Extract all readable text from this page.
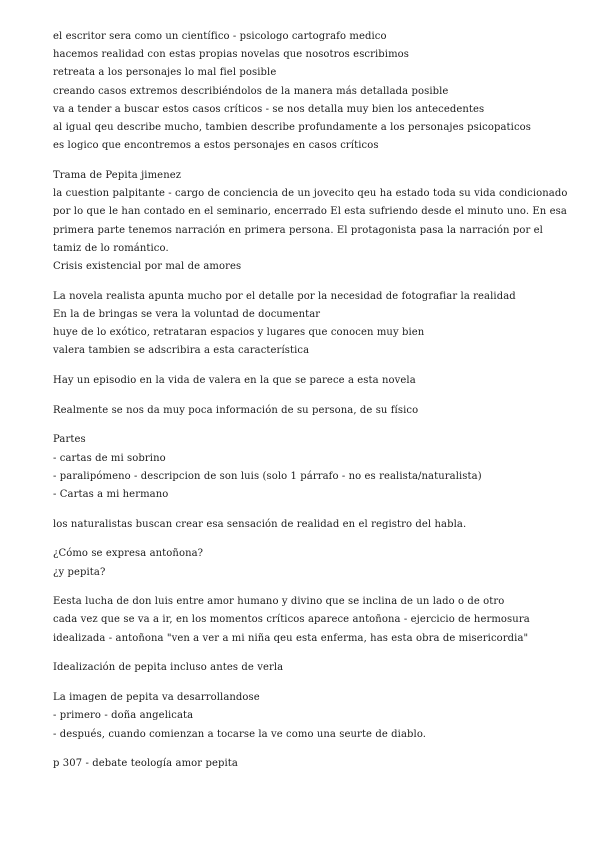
el escritor sera como un científico - psicologo cartografo medico
hacemos realidad con estas propias novelas que nosotros escribimos
retreata a los personajes lo mal fiel posible
creando casos extremos describiéndolos de la manera más detallada posible
va a tender a buscar estos casos críticos - se nos detalla muy bien los antecedentes
al igual qeu describe mucho, tambien describe profundamente a los personajes psicopaticos
es logico que encontremos a estos personajes en casos críticos
Trama de Pepita jimenez
la cuestion palpitante - cargo de conciencia de un jovecito qeu ha estado toda su vida condicionado
por lo que le han contado en el seminario, encerrado El esta sufriendo desde el minuto uno. En esa
primera parte tenemos narración en primera persona. El protagonista pasa la narración por el
tamiz de lo romántico.
Crisis existencial por mal de amores
La novela realista apunta mucho por el detalle por la necesidad de fotografiar la realidad
En la de bringas se vera la voluntad de documentar
huye de lo exótico, retrataran espacios y lugares que conocen muy bien
valera tambien se adscribira a esta característica
Hay un episodio en la vida de valera en la que se parece a esta novela
Realmente se nos da muy poca información de su persona, de su físico
Partes
- cartas de mi sobrino
- paralipómeno - descripcion de son luis (solo 1 párrafo - no es realista/naturalista)
- Cartas a mi hermano
los naturalistas buscan crear esa sensación de realidad en el registro del habla.
¿Cómo se expresa antoñona?
¿y pepita?
Eesta lucha de don luis entre amor humano y divino que se inclina de un lado o de otro
cada vez que se va a ir, en los momentos críticos aparece antoñona - ejercicio de hermosura
idealizada - antoñona "ven a ver a mi niña qeu esta enferma, has esta obra de misericordia"
Idealización de pepita incluso antes de verla
La imagen de pepita va desarrollandose
- primero - doña angelicata
- después, cuando comienzan a tocarse la ve como una seurte de diablo.
p 307 - debate teología amor pepita
